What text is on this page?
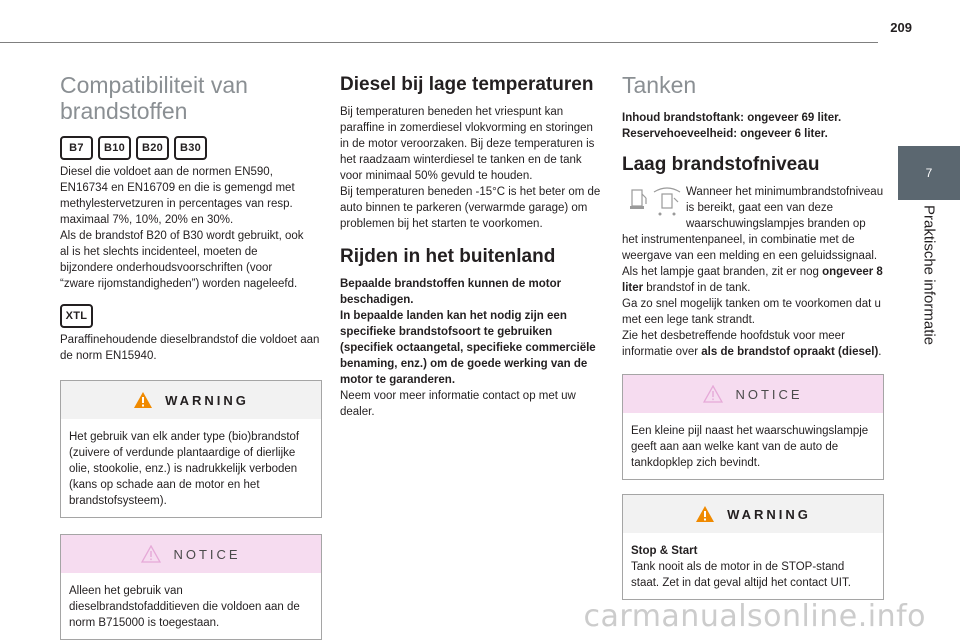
209
7
Praktische informatie
Compatibiliteit van brandstoffen
B7	B10	B20	B30

Diesel die voldoet aan de normen EN590, EN16734 en EN16709 en die is gemengd met methylestervetzuren in percentages van resp. maximaal 7%, 10%, 20% en 30%.

Als de brandstof B20 of B30 wordt gebruikt, ook al is het slechts incidenteel, moeten de bijzondere onderhoudsvoorschriften (voor “zware rijomstandigheden”) worden nageleefd.

XTL

Paraffinehoudende dieselbrandstof die voldoet aan de norm EN15940.

WARNING
Het gebruik van elk ander type (bio)brandstof (zuivere of verdunde plantaardige of dierlijke olie, stookolie, enz.) is nadrukkelijk verboden (kans op schade aan de motor en het brandstofsysteem).
NOTICE
Alleen het gebruik van dieselbrandstofadditieven die voldoen aan de norm B715000 is toegestaan.
Diesel bij lage temperaturen

Bij temperaturen beneden het vriespunt kan paraffine in zomerdiesel vlokvorming en storingen in de motor veroorzaken. Bij deze temperaturen is het raadzaam winterdiesel te tanken en de tank voor minimaal 50% gevuld te houden.

Bij temperaturen beneden -15°C is het beter om de auto binnen te parkeren (verwarmde garage) om problemen bij het starten te voorkomen.

Rijden in het buitenland

Bepaalde brandstoffen kunnen de motor beschadigen.

In bepaalde landen kan het nodig zijn een specifieke brandstofsoort te gebruiken (specifiek octaangetal, specifieke commerciële benaming, enz.) om de goede werking van de motor te garanderen.

Neem voor meer informatie contact op met uw dealer.

Tanken

Inhoud brandstoftank: ongeveer 69 liter.

Reservehoeveelheid: ongeveer 6 liter.

Laag brandstofniveau

Wanneer het minimumbrandstofniveau is bereikt, gaat een van deze waarschuwingslampjes branden op het instrumentenpaneel, in combinatie met de weergave van een melding en een geluidssignaal.

Als het lampje gaat branden, zit er nog ongeveer 8 liter brandstof in de tank.

Ga zo snel mogelijk tanken om te voorkomen dat u met een lege tank strandt.

Zie het desbetreffende hoofdstuk voor meer informatie over als de brandstof opraakt (diesel).

NOTICE
Een kleine pijl naast het waarschuwingslampje geeft aan aan welke kant van de auto de tankdopklep zich bevindt.
WARNING
Stop & Start
Tank nooit als de motor in de STOP-stand staat. Zet in dat geval altijd het contact UIT.
carmanualsonline.info
